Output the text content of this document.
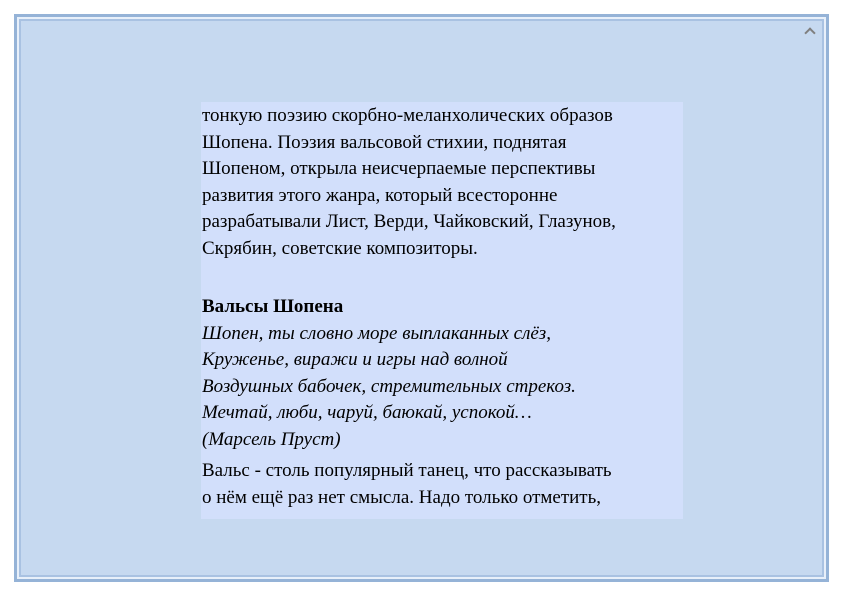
тонкую поэзию скорбно-меланхолических образов

Шопена. Поэзия вальсовой стихии, поднятая

Шопеном, открыла неисчерпаемые перспективы

развития этого жанра, который всесторонне

разрабатывали Лист, Верди, Чайковский, Глазунов,

Скрябин, советские композиторы.

Вальсы Шопена

Шопен, ты словно море выплаканных слёз,

Круженье, виражи и игры над волной

Воздушных бабочек, стремительных стрекоз.

Мечтай, люби, чаруй, баюкай, успокой…

(Марсель Пруст)

Вальс - столь популярный танец, что рассказывать

о нём ещё раз нет смысла. Надо только отметить,
